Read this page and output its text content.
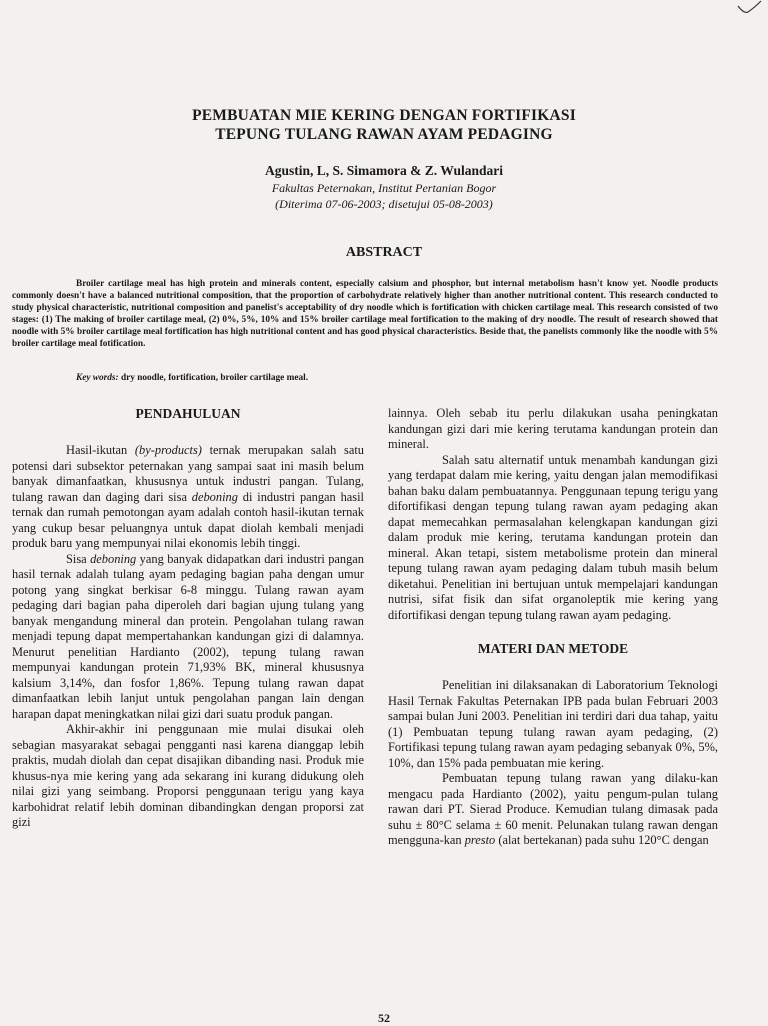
PEMBUATAN MIE KERING DENGAN FORTIFIKASI
TEPUNG TULANG RAWAN AYAM PEDAGING
Agustin, L, S. Simamora & Z. Wulandari
Fakultas Peternakan, Institut Pertanian Bogor
(Diterima 07-06-2003; disetujui 05-08-2003)
ABSTRACT

Broiler cartilage meal has high protein and minerals content, especially calsium and phosphor, but internal metabolism hasn't know yet. Noodle products commonly doesn't have a balanced nutritional composition, that the proportion of carbohydrate relatively higher than another nutritional content. This research conducted to study physical characteristic, nutritional composition and panelist's acceptability of dry noodle which is fortification with chicken cartilage meal. This research consisted of two stages: (1) The making of broiler cartilage meal, (2) 0%, 5%, 10% and 15% broiler cartilage meal fortification to the making of dry noodle. The result of research showed that noodle with 5% broiler cartilage meal fortification has high nutritional content and has good physical characteristics. Beside that, the panelists commonly like the noodle with 5% broiler cartilage meal fotification.

Key words: dry noodle, fortification, broiler cartilage meal.
PENDAHULUAN

Hasil-ikutan (by-products) ternak merupakan salah satu potensi dari subsektor peternakan yang sampai saat ini masih belum banyak dimanfaatkan, khususnya untuk industri pangan. Tulang, tulang rawan dan daging dari sisa deboning di industri pangan hasil ternak dan rumah pemotongan ayam adalah contoh hasil-ikutan ternak yang cukup besar peluangnya untuk dapat diolah kembali menjadi produk baru yang mempunyai nilai ekonomis lebih tinggi.

Sisa deboning yang banyak didapatkan dari industri pangan hasil ternak adalah tulang ayam pedaging bagian paha dengan umur potong yang singkat berkisar 6-8 minggu. Tulang rawan ayam pedaging dari bagian paha diperoleh dari bagian ujung tulang yang banyak mengandung mineral dan protein. Pengolahan tulang rawan menjadi tepung dapat mempertahankan kandungan gizi di dalamnya. Menurut penelitian Hardianto (2002), tepung tulang rawan mempunyai kandungan protein 71,93% BK, mineral khususnya kalsium 3,14%, dan fosfor 1,86%. Tepung tulang rawan dapat dimanfaatkan lebih lanjut untuk pengolahan pangan lain dengan harapan dapat meningkatkan nilai gizi dari suatu produk pangan.

Akhir-akhir ini penggunaan mie mulai disukai oleh sebagian masyarakat sebagai pengganti nasi karena dianggap lebih praktis, mudah diolah dan cepat disajikan dibanding nasi. Produk mie khusus-nya mie kering yang ada sekarang ini kurang didukung oleh nilai gizi yang seimbang. Proporsi penggunaan terigu yang kaya karbohidrat relatif lebih dominan dibandingkan dengan proporsi zat gizi

lainnya. Oleh sebab itu perlu dilakukan usaha peningkatan kandungan gizi dari mie kering terutama kandungan protein dan mineral.

Salah satu alternatif untuk menambah kandungan gizi yang terdapat dalam mie kering, yaitu dengan jalan memodifikasi bahan baku dalam pembuatannya. Penggunaan tepung terigu yang difortifikasi dengan tepung tulang rawan ayam pedaging akan dapat memecahkan permasalahan kelengkapan kandungan gizi dalam produk mie kering, terutama kandungan protein dan mineral. Akan tetapi, sistem metabolisme protein dan mineral tepung tulang rawan ayam pedaging dalam tubuh masih belum diketahui. Penelitian ini bertujuan untuk mempelajari kandungan nutrisi, sifat fisik dan sifat organoleptik mie kering yang difortifikasi dengan tepung tulang rawan ayam pedaging.

MATERI DAN METODE

Penelitian ini dilaksanakan di Laboratorium Teknologi Hasil Ternak Fakultas Peternakan IPB pada bulan Februari 2003 sampai bulan Juni 2003. Penelitian ini terdiri dari dua tahap, yaitu (1) Pembuatan tepung tulang rawan ayam pedaging, (2) Fortifikasi tepung tulang rawan ayam pedaging sebanyak 0%, 5%, 10%, dan 15% pada pembuatan mie kering.

Pembuatan tepung tulang rawan yang dilaku-kan mengacu pada Hardianto (2002), yaitu pengum-pulan tulang rawan dari PT. Sierad Produce. Kemudian tulang dimasak pada suhu ± 80°C selama ± 60 menit. Pelunakan tulang rawan dengan mengguna-kan presto (alat bertekanan) pada suhu 120°C dengan

52
